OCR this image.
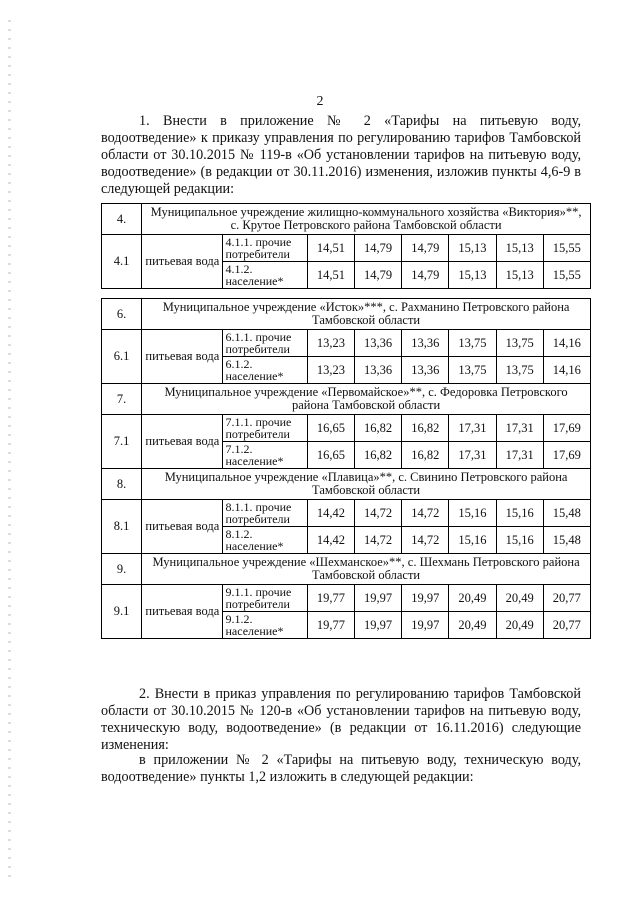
2
1. Внести в приложение № 2 «Тарифы на питьевую воду, водоотведение» к приказу управления по регулированию тарифов Тамбовской области от 30.10.2015 № 119-в «Об установлении тарифов на питьевую воду, водоотведение» (в редакции от 30.11.2016) изменения, изложив пункты 4,6-9 в следующей редакции:
4.	Муниципальное учреждение жилищно-коммунального хозяйства «Виктория»**, с. Крутое Петровского района Тамбовской области							
4.1	питьевая вода	4.1.1. прочие потребители	14,51	14,79	14,79	15,13	15,13	15,55
		4.1.2. население*	14,51	14,79	14,79	15,13	15,13	15,55

6.	Муниципальное учреждение «Исток»***, с. Рахманино Петровского района Тамбовской области							
6.1	питьевая вода	6.1.1. прочие потребители	13,23	13,36	13,36	13,75	13,75	14,16
		6.1.2. население*	13,23	13,36	13,36	13,75	13,75	14,16
7.	Муниципальное учреждение «Первомайское»**, с. Федоровка Петровского района Тамбовской области							
7.1	питьевая вода	7.1.1. прочие потребители	16,65	16,82	16,82	17,31	17,31	17,69
		7.1.2. население*	16,65	16,82	16,82	17,31	17,31	17,69
8.	Муниципальное учреждение «Плавица»**, с. Свинино Петровского района Тамбовской области							
8.1	питьевая вода	8.1.1. прочие потребители	14,42	14,72	14,72	15,16	15,16	15,48
		8.1.2. население*	14,42	14,72	14,72	15,16	15,16	15,48
9.	Муниципальное учреждение «Шехманское»**, с. Шехмань Петровского района Тамбовской области							
9.1	питьевая вода	9.1.1. прочие потребители	19,77	19,97	19,97	20,49	20,49	20,77
		9.1.2. население*	19,77	19,97	19,97	20,49	20,49	20,77
2. Внести в приказ управления по регулированию тарифов Тамбовской области от 30.10.2015 № 120-в «Об установлении тарифов на питьевую воду, техническую воду, водоотведение» (в редакции от 16.11.2016) следующие изменения:
в приложении № 2 «Тарифы на питьевую воду, техническую воду, водоотведение» пункты 1,2 изложить в следующей редакции:
